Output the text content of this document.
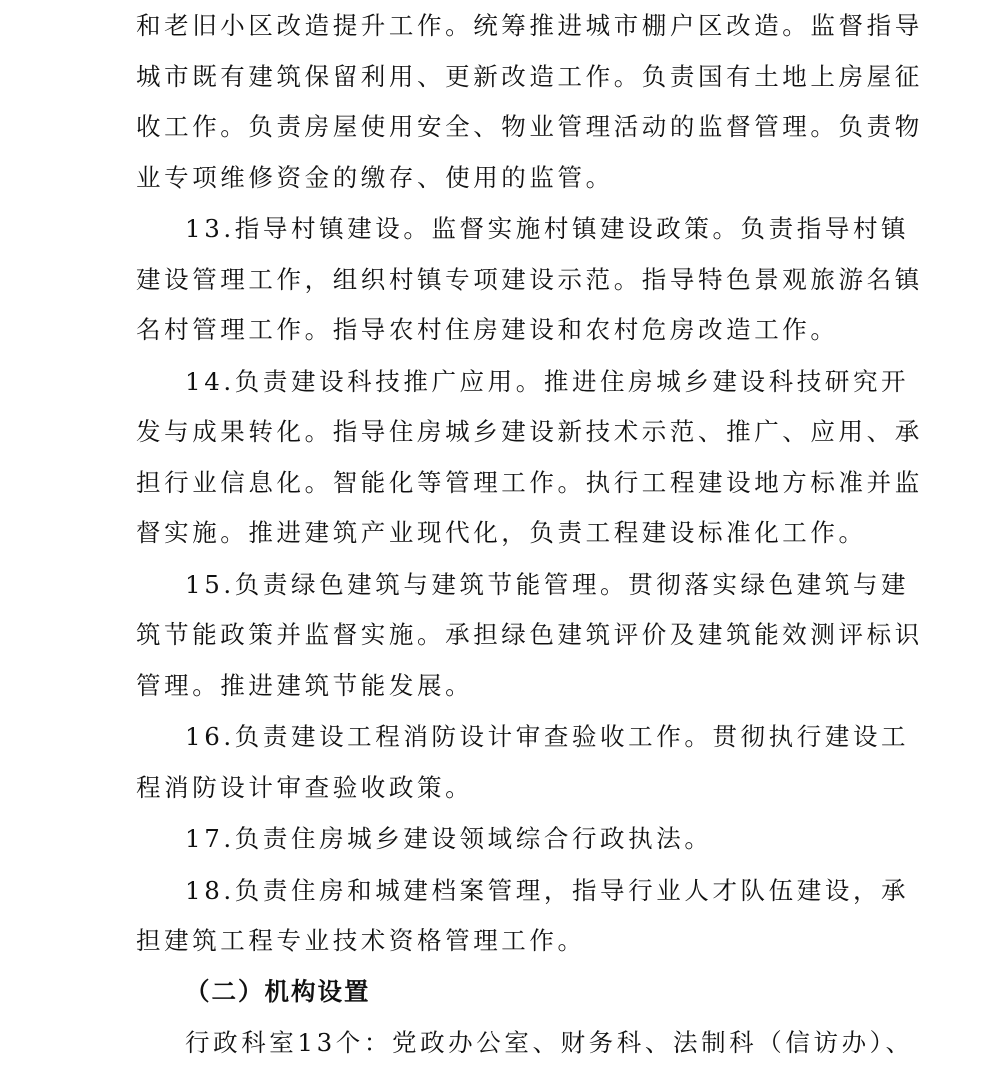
和老旧小区改造提升工作。统筹推进城市棚户区改造。监督指导
城市既有建筑保留利用、更新改造工作。负责国有土地上房屋征
收工作。负责房屋使用安全、物业管理活动的监督管理。负责物
业专项维修资金的缴存、使用的监管。
13.指导村镇建设。监督实施村镇建设政策。负责指导村镇
建设管理工作，组织村镇专项建设示范。指导特色景观旅游名镇
名村管理工作。指导农村住房建设和农村危房改造工作。
14.负责建设科技推广应用。推进住房城乡建设科技研究开
发与成果转化。指导住房城乡建设新技术示范、推广、应用、承
担行业信息化。智能化等管理工作。执行工程建设地方标准并监
督实施。推进建筑产业现代化，负责工程建设标准化工作。
15.负责绿色建筑与建筑节能管理。贯彻落实绿色建筑与建
筑节能政策并监督实施。承担绿色建筑评价及建筑能效测评标识
管理。推进建筑节能发展。
16.负责建设工程消防设计审查验收工作。贯彻执行建设工
程消防设计审查验收政策。
17.负责住房城乡建设领域综合行政执法。
18.负责住房和城建档案管理，指导行业人才队伍建设，承
担建筑工程专业技术资格管理工作。
（二）机构设置
行政科室13个：党政办公室、财务科、法制科（信访办）、
